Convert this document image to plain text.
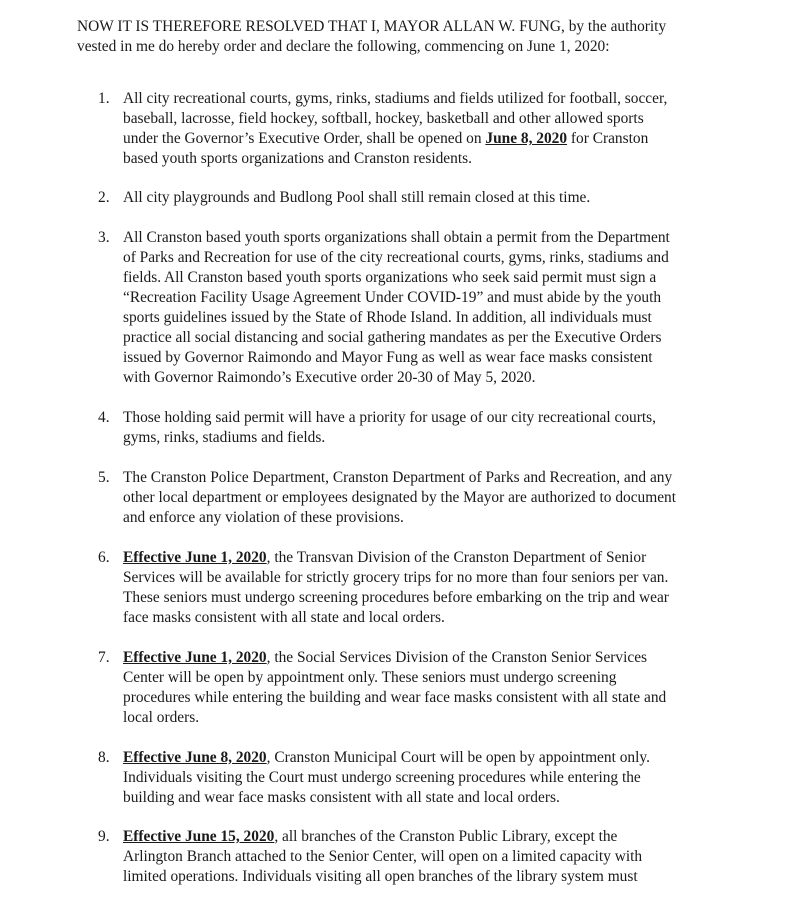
NOW IT IS THEREFORE RESOLVED THAT I, MAYOR ALLAN W. FUNG, by the authority
vested in me do hereby order and declare the following, commencing on June 1, 2020:

1. All city recreational courts, gyms, rinks, stadiums and fields utilized for football, soccer,
baseball, lacrosse, field hockey, softball, hockey, basketball and other allowed sports
under the Governor’s Executive Order, shall be opened on June 8, 2020 for Cranston
based youth sports organizations and Cranston residents.

2. All city playgrounds and Budlong Pool shall still remain closed at this time.

3. All Cranston based youth sports organizations shall obtain a permit from the Department
of Parks and Recreation for use of the city recreational courts, gyms, rinks, stadiums and
fields. All Cranston based youth sports organizations who seek said permit must sign a
“Recreation Facility Usage Agreement Under COVID-19” and must abide by the youth
sports guidelines issued by the State of Rhode Island. In addition, all individuals must
practice all social distancing and social gathering mandates as per the Executive Orders
issued by Governor Raimondo and Mayor Fung as well as wear face masks consistent
with Governor Raimondo’s Executive order 20-30 of May 5, 2020.

4. Those holding said permit will have a priority for usage of our city recreational courts,
gyms, rinks, stadiums and fields.

5. The Cranston Police Department, Cranston Department of Parks and Recreation, and any
other local department or employees designated by the Mayor are authorized to document
and enforce any violation of these provisions.

6. Effective June 1, 2020, the Transvan Division of the Cranston Department of Senior
Services will be available for strictly grocery trips for no more than four seniors per van.
These seniors must undergo screening procedures before embarking on the trip and wear
face masks consistent with all state and local orders.

7. Effective June 1, 2020, the Social Services Division of the Cranston Senior Services
Center will be open by appointment only. These seniors must undergo screening
procedures while entering the building and wear face masks consistent with all state and
local orders.

8. Effective June 8, 2020, Cranston Municipal Court will be open by appointment only.
Individuals visiting the Court must undergo screening procedures while entering the
building and wear face masks consistent with all state and local orders.

9. Effective June 15, 2020, all branches of the Cranston Public Library, except the
Arlington Branch attached to the Senior Center, will open on a limited capacity with
limited operations. Individuals visiting all open branches of the library system must
